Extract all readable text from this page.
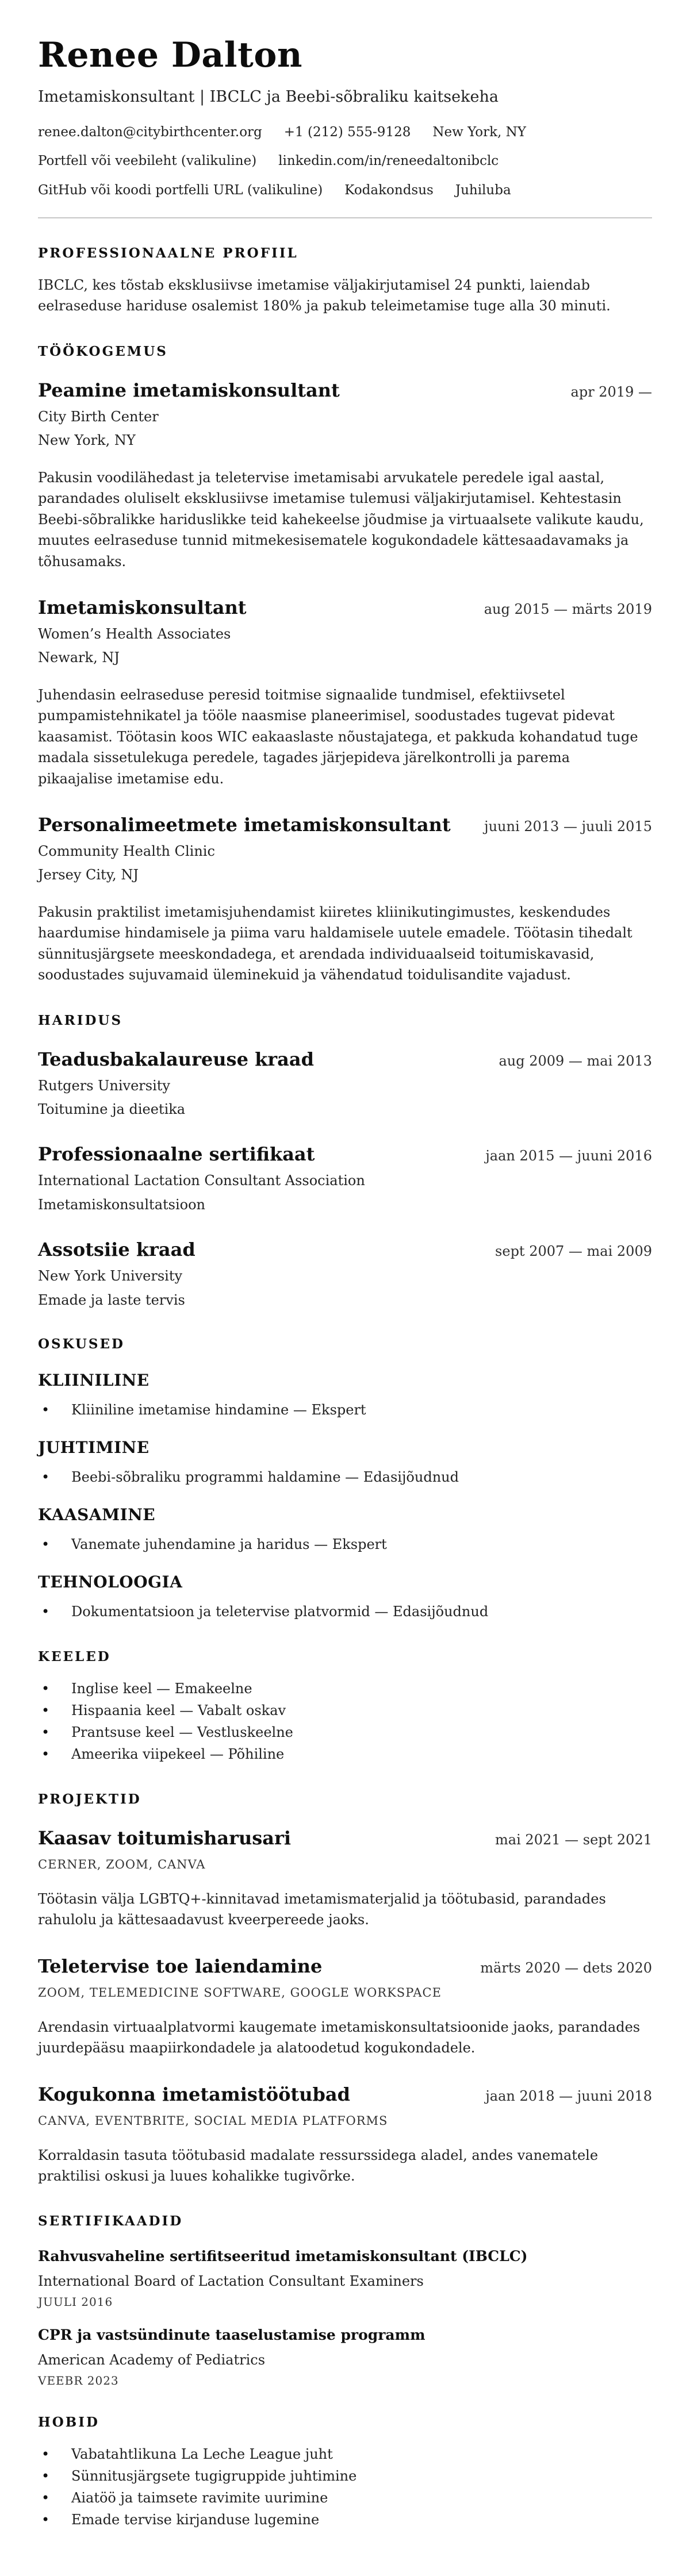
Renee Dalton
Imetamiskonsultant | IBCLC ja Beebi-sõbraliku kaitsekeha
renee.dalton@citybirthcenter.org +1 (212) 555-9128 New York, NY
Portfell või veebileht (valikuline) linkedin.com/in/reneedaltonibclc
GitHub või koodi portfelli URL (valikuline) Kodakondsus Juhiluba
PROFESSIONAALNE PROFIIL

IBCLC, kes tõstab eksklusiivse imetamise väljakirjutamisel 24 punkti, laiendab eelraseduse hariduse osalemist 180% ja pakub teleimetamise tuge alla 30 minuti.

TÖÖKOGEMUS
Peamine imetamiskonsultant	apr 2019 —
City Birth Center
New York, NY

Pakusin voodilähedast ja teletervise imetamisabi arvukatele peredele igal aastal, parandades oluliselt eksklusiivse imetamise tulemusi väljakirjutamisel. Kehtestasin Beebi-sõbralikke hariduslikke teid kahekeelse jõudmise ja virtuaalsete valikute kaudu, muutes eelraseduse tunnid mitmekesisematele kogukondadele kättesaadavamaks ja tõhusamaks.

Imetamiskonsultant	aug 2015 — märts 2019
Women’s Health Associates
Newark, NJ

Juhendasin eelraseduse peresid toitmise signaalide tundmisel, efektiivsetel pumpamistehnikatel ja tööle naasmise planeerimisel, soodustades tugevat pidevat kaasamist. Töötasin koos WIC eakaaslaste nõustajatega, et pakkuda kohandatud tuge madala sissetulekuga peredele, tagades järjepideva järelkontrolli ja parema pikaajalise imetamise edu.

Personalimeetmete imetamiskonsultant juuni 2013 — juuli 2015
Community Health Clinic
Jersey City, NJ

Pakusin praktilist imetamisjuhendamist kiiretes kliinikutingimustes, keskendudes haardumise hindamisele ja piima varu haldamisele uutele emadele. Töötasin tihedalt sünnitusjärgsete meeskondadega, et arendada individuaalseid toitumiskavasid, soodustades sujuvamaid üleminekuid ja vähendatud toidulisandite vajadust.

HARIDUS
Teadusbakalaureuse kraad	aug 2009 — mai 2013
Rutgers University
Toitumine ja dieetika
Professionaalne sertifikaat	jaan 2015 — juuni 2016
International Lactation Consultant Association
Imetamiskonsultatsioon
Assotsiie kraad	sept 2007 — mai 2009
New York University
Emade ja laste tervis
OSKUSED
KLIINILINE
• Kliiniline imetamise hindamine — Ekspert
JUHTIMINE
• Beebi-sõbraliku programmi haldamine — Edasijõudnud
KAASAMINE
• Vanemate juhendamine ja haridus — Ekspert
TEHNOLOOGIA
• Dokumentatsioon ja teletervise platvormid — Edasijõudnud
KEELED
• Inglise keel — Emakeelne
• Hispaania keel — Vabalt oskav
• Prantsuse keel — Vestluskeelne
• Ameerika viipekeel — Põhiline
PROJEKTID
Kaasav toitumisharusari	mai 2021 — sept 2021
CERNER, ZOOM, CANVA

Töötasin välja LGBTQ+-kinnitavad imetamismaterjalid ja töötubasid, parandades rahulolu ja kättesaadavust kveerpereede jaoks.

Teletervise toe laiendamine	märts 2020 — dets 2020
ZOOM, TELEMEDICINE SOFTWARE, GOOGLE WORKSPACE

Arendasin virtuaalplatvormi kaugemate imetamiskonsultatsioonide jaoks, parandades juurdepääsu maapiirkondadele ja alatoodetud kogukondadele.

Kogukonna imetamistöötubad	jaan 2018 — juuni 2018
CANVA, EVENTBRITE, SOCIAL MEDIA PLATFORMS

Korraldasin tasuta töötubasid madalate ressurssidega aladel, andes vanematele praktilisi oskusi ja luues kohalikke tugivõrke.

SERTIFIKAADID
Rahvusvaheline sertifitseeritud imetamiskonsultant (IBCLC)
International Board of Lactation Consultant Examiners
JUULI 2016
CPR ja vastsündinute taaselustamise programm
American Academy of Pediatrics
VEEBR 2023
HOBID
• Vabatahtlikuna La Leche League juht
• Sünnitusjärgsete tugigruppide juhtimine
• Aiatöö ja taimsete ravimite uurimine
• Emade tervise kirjanduse lugemine
